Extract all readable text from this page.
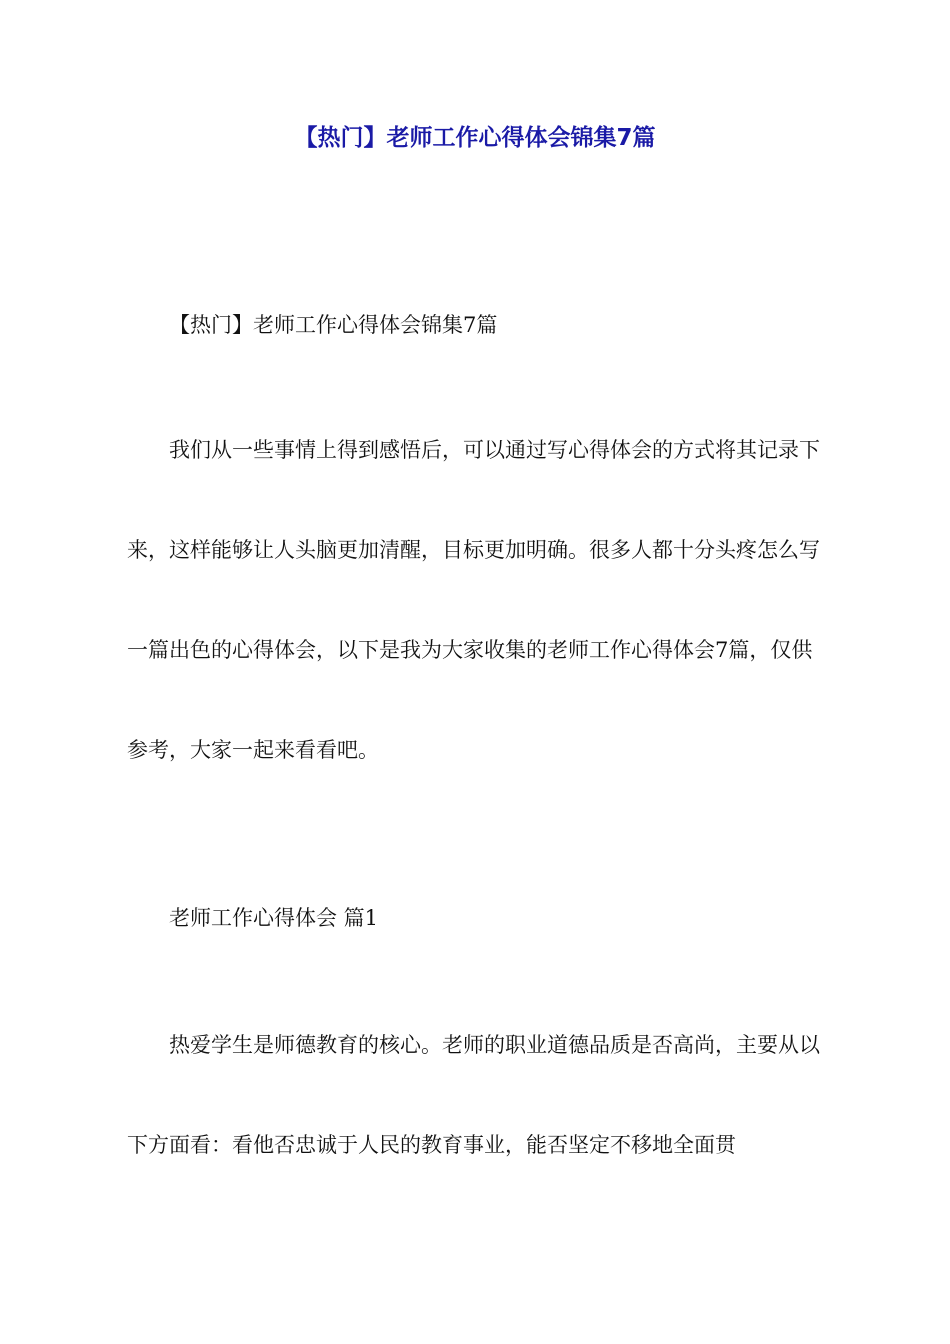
【热门】老师工作心得体会锦集7篇

【热门】老师工作心得体会锦集7篇

我们从一些事情上得到感悟后，可以通过写心得体会的方式将其记录下来，这样能够让人头脑更加清醒，目标更加明确。很多人都十分头疼怎么写一篇出色的心得体会，以下是我为大家收集的老师工作心得体会7篇，仅供参考，大家一起来看看吧。

老师工作心得体会 篇1

热爱学生是师德教育的核心。老师的职业道德品质是否高尚，主要从以下方面看：看他否忠诚于人民的教育事业，能否坚定不移地全面贯
